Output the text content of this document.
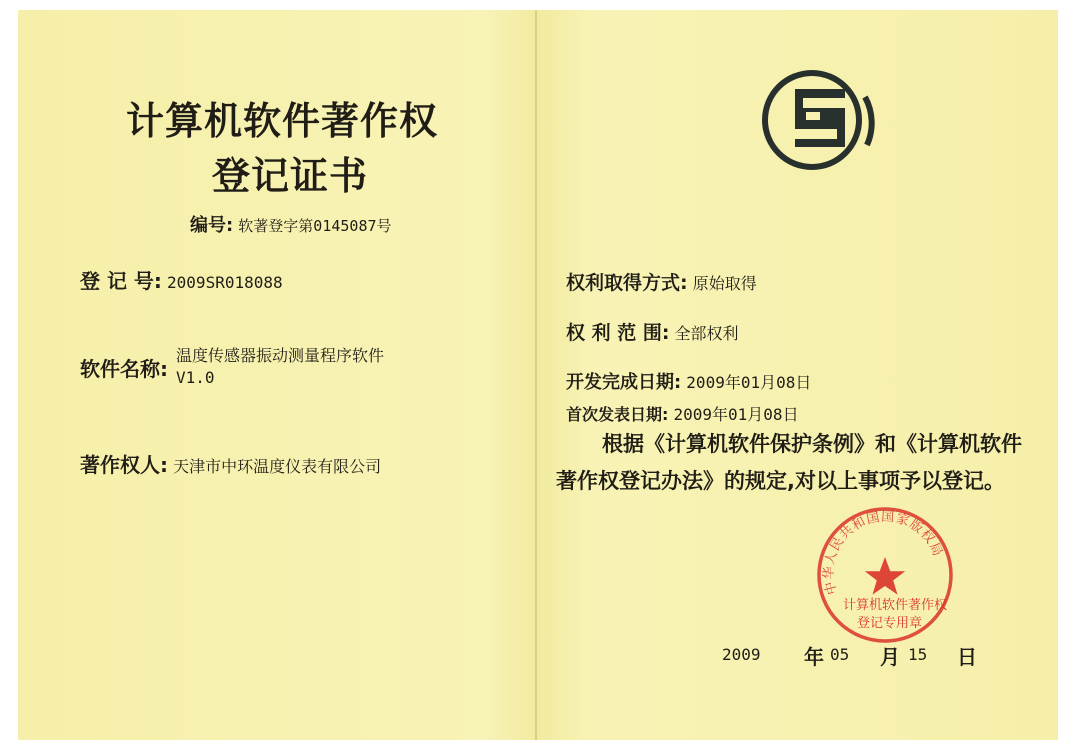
计算机软件著作权
登记证书
编号: 软著登字第0145087号
登 记 号: 2009SR018088
软件名称:
温度传感器振动测量程序软件
V1.0
著作权人: 天津市中环温度仪表有限公司
权利取得方式: 原始取得
权 利 范 围: 全部权利
开发完成日期: 2009年01月08日
首次发表日期: 2009年01月08日
根据《计算机软件保护条例》和《计算机软件
著作权登记办法》的规定,对以上事项予以登记。
中华人民共和国国家版权局
计算机软件著作权
登记专用章
2009 年 05 月 15 日
